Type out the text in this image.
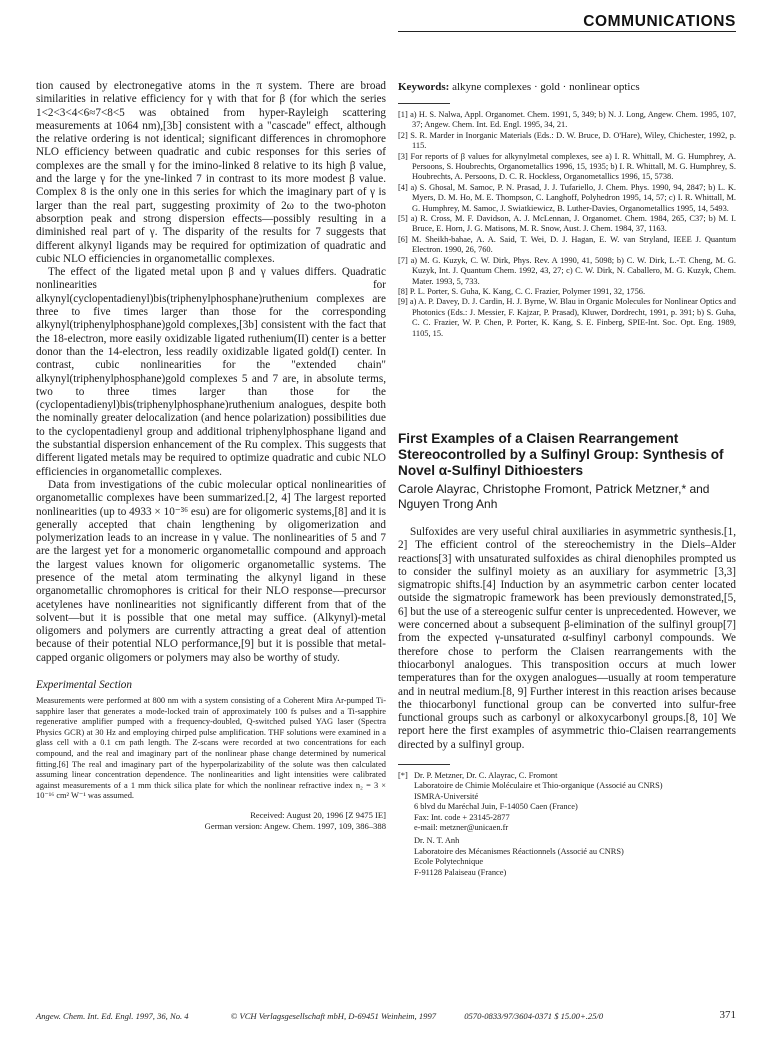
COMMUNICATIONS

tion caused by electronegative atoms in the π system. There are broad similarities in relative efficiency for γ with that for β (for which the series 1<2<3<4<6≈7<8<5 was obtained from hyper-Rayleigh scattering measurements at 1064 nm),[3b] consistent with a "cascade" effect, although the relative ordering is not identical; significant differences in chromophore NLO efficiency between quadratic and cubic responses for this series of complexes are the small γ for the imino-linked 8 relative to its high β value, and the large γ for the yne-linked 7 in contrast to its more modest β value. Complex 8 is the only one in this series for which the imaginary part of γ is larger than the real part, suggesting proximity of 2ω to the two-photon absorption peak and strong dispersion effects—possibly resulting in a diminished real part of γ. The disparity of the results for 7 suggests that different alkynyl ligands may be required for optimization of quadratic and cubic NLO efficiencies in organometallic complexes.

The effect of the ligated metal upon β and γ values differs. Quadratic nonlinearities for alkynyl(cyclopentadienyl)bis(triphenylphosphane)ruthenium complexes are three to five times larger than those for the corresponding alkynyl(triphenylphosphane)gold complexes,[3b] consistent with the fact that the 18-electron, more easily oxidizable ligated ruthenium(II) center is a better donor than the 14-electron, less readily oxidizable ligated gold(I) center. In contrast, cubic nonlinearities for the "extended chain" alkynyl(triphenylphosphane)gold complexes 5 and 7 are, in absolute terms, two to three times larger than those for the (cyclopentadienyl)bis(triphenylphosphane)ruthenium analogues, despite both the nominally greater delocalization (and hence polarization) possibilities due to the cyclopentadienyl group and additional triphenylphosphane ligand and the substantial dispersion enhancement of the Ru complex. This suggests that different ligated metals may be required to optimize quadratic and cubic NLO efficiencies in organometallic complexes.

Data from investigations of the cubic molecular optical nonlinearities of organometallic complexes have been summarized.[2, 4] The largest reported nonlinearities (up to 4933 × 10⁻³⁶ esu) are for oligomeric systems,[8] and it is generally accepted that chain lengthening by oligomerization and polymerization leads to an increase in γ value. The nonlinearities of 5 and 7 are the largest yet for a monomeric organometallic compound and approach the largest values known for oligomeric organometallic systems. The presence of the metal atom terminating the alkynyl ligand in these organometallic chromophores is critical for their NLO response—precursor acetylenes have nonlinearities not significantly different from that of the solvent—but it is possible that one metal may suffice. (Alkynyl)-metal oligomers and polymers are currently attracting a great deal of attention because of their potential NLO performance,[9] but it is possible that metal-capped organic oligomers or polymers may also be worthy of study.

Experimental Section

Measurements were performed at 800 nm with a system consisting of a Coherent Mira Ar-pumped Ti-sapphire laser that generates a mode-locked train of approximately 100 fs pulses and a Ti-sapphire regenerative amplifier pumped with a frequency-doubled, Q-switched pulsed YAG laser (Spectra Physics GCR) at 30 Hz and employing chirped pulse amplification. THF solutions were examined in a glass cell with a 0.1 cm path length. The Z-scans were recorded at two concentrations for each compound, and the real and imaginary part of the nonlinear phase change determined by numerical fitting.[6] The real and imaginary part of the hyperpolarizability of the solute was then calculated assuming linear concentration dependence. The nonlinearities and light intensities were calibrated against measurements of a 1 mm thick silica plate for which the nonlinear refractive index n₂ = 3 × 10⁻¹⁶ cm² W⁻¹ was assumed.

Received: August 20, 1996 [Z 9475 IE]

German version: Angew. Chem. 1997, 109, 386–388

Keywords: alkyne complexes · gold · nonlinear optics

[1] a) H. S. Nalwa, Appl. Organomet. Chem. 1991, 5, 349; b) N. J. Long, Angew. Chem. 1995, 107, 37; Angew. Chem. Int. Ed. Engl. 1995, 34, 21.
[2] S. R. Marder in Inorganic Materials (Eds.: D. W. Bruce, D. O'Hare), Wiley, Chichester, 1992, p. 115.
[3] For reports of β values for alkynylmetal complexes, see a) I. R. Whittall, M. G. Humphrey, A. Persoons, S. Houbrechts, Organometallics 1996, 15, 1935; b) I. R. Whittall, M. G. Humphrey, S. Houbrechts, A. Persoons, D. C. R. Hockless, Organometallics 1996, 15, 5738.
[4] a) S. Ghosal, M. Samoc, P. N. Prasad, J. J. Tufariello, J. Chem. Phys. 1990, 94, 2847; b) L. K. Myers, D. M. Ho, M. E. Thompson, C. Langhoff, Polyhedron 1995, 14, 57; c) I. R. Whittall, M. G. Humphrey, M. Samoc, J. Swiatkiewicz, B. Luther-Davies, Organometallics 1995, 14, 5493.
[5] a) R. Cross, M. F. Davidson, A. J. McLennan, J. Organomet. Chem. 1984, 265, C37; b) M. I. Bruce, E. Horn, J. G. Matisons, M. R. Snow, Aust. J. Chem. 1984, 37, 1163.
[6] M. Sheikh-bahae, A. A. Said, T. Wei, D. J. Hagan, E. W. van Stryland, IEEE J. Quantum Electron. 1990, 26, 760.
[7] a) M. G. Kuzyk, C. W. Dirk, Phys. Rev. A 1990, 41, 5098; b) C. W. Dirk, L.-T. Cheng, M. G. Kuzyk, Int. J. Quantum Chem. 1992, 43, 27; c) C. W. Dirk, N. Caballero, M. G. Kuzyk, Chem. Mater. 1993, 5, 733.
[8] P. L. Porter, S. Guha, K. Kang, C. C. Frazier, Polymer 1991, 32, 1756.
[9] a) A. P. Davey, D. J. Cardin, H. J. Byrne, W. Blau in Organic Molecules for Nonlinear Optics and Photonics (Eds.: J. Messier, F. Kajzar, P. Prasad), Kluwer, Dordrecht, 1991, p. 391; b) S. Guha, C. C. Frazier, W. P. Chen, P. Porter, K. Kang, S. E. Finberg, SPIE-Int. Soc. Opt. Eng. 1989, 1105, 15.

First Examples of a Claisen Rearrangement Stereocontrolled by a Sulfinyl Group: Synthesis of Novel α-Sulfinyl Dithioesters

Carole Alayrac, Christophe Fromont, Patrick Metzner,* and Nguyen Trong Anh

Sulfoxides are very useful chiral auxiliaries in asymmetric synthesis.[1, 2] The efficient control of the stereochemistry in the Diels–Alder reactions[3] with unsaturated sulfoxides as chiral dienophiles prompted us to consider the sulfinyl moiety as an auxiliary for asymmetric [3,3] sigmatropic shifts.[4] Induction by an asymmetric carbon center located outside the sigmatropic framework has been previously demonstrated,[5, 6] but the use of a stereogenic sulfur center is unprecedented. However, we were concerned about a subsequent β-elimination of the sulfinyl group[7] from the expected γ-unsaturated α-sulfinyl carbonyl compounds. We therefore chose to perform the Claisen rearrangements with the thiocarbonyl analogues. This transposition occurs at much lower temperatures than for the oxygen analogues—usually at room temperature and in neutral medium.[8, 9] Further interest in this reaction arises because the thiocarbonyl functional group can be converted into sulfur-free functional groups such as carbonyl or alkoxycarbonyl groups.[8, 10] We report here the first examples of asymmetric thio-Claisen rearrangements directed by a sulfinyl group.

[*] Dr. P. Metzner, Dr. C. Alayrac, C. Fromont
Laboratoire de Chimie Moléculaire et Thio-organique (Associé au CNRS)
ISMRA-Université
6 blvd du Maréchal Juin, F-14050 Caen (France)
Fax: Int. code + 23145-2877
e-mail: metzner@unicaen.fr
Dr. N. T. Anh
Laboratoire des Mécanismes Réactionnels (Associé au CNRS)
Ecole Polytechnique
F-91128 Palaiseau (France)
Angew. Chem. Int. Ed. Engl. 1997, 36, No. 4	© VCH Verlagsgesellschaft mbH, D-69451 Weinheim, 1997	0570-0833/97/3604-0371 $ 15.00+.25/0	371
